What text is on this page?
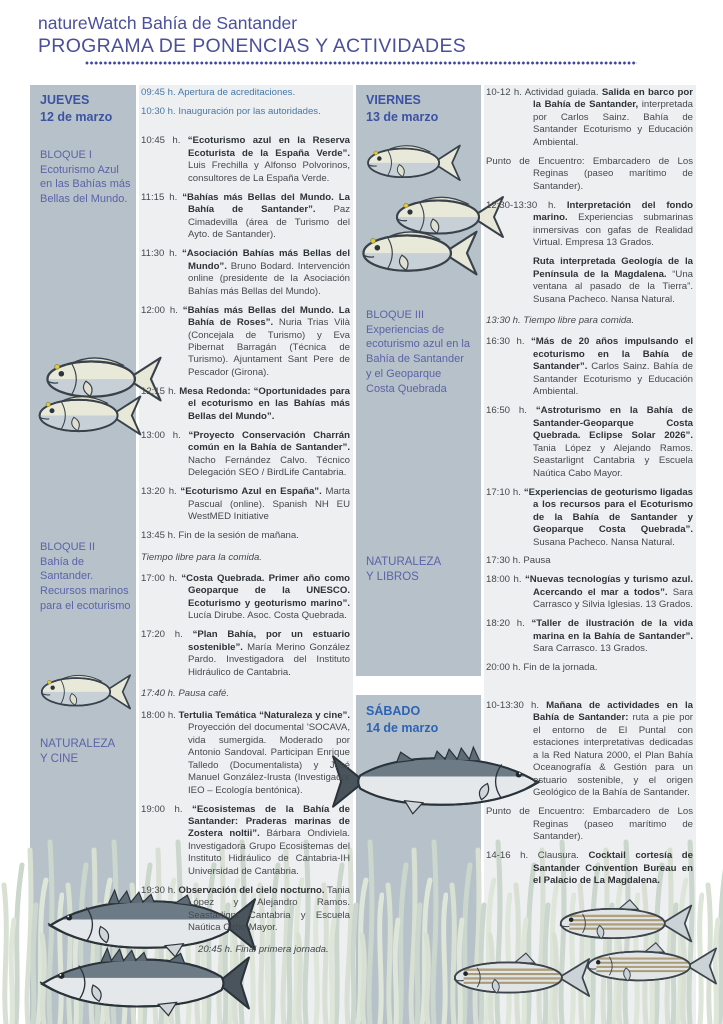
natureWatch Bahía de Santander
PROGRAMA DE PONENCIAS Y ACTIVIDADES
JUEVES
12 de marzo
BLOQUE I
Ecoturismo Azul en las Bahías más Bellas del Mundo.
BLOQUE II
Bahía de Santander. Recursos marinos para el ecoturismo
NATURALEZA Y CINE
VIERNES
13 de marzo
BLOQUE III
Experiencias de ecoturismo azul en la Bahía de Santander y el Geoparque Costa Quebrada
NATURALEZA Y LIBROS
SÁBADO
14 de marzo

09:45 h. Apertura de acreditaciones.

10:30 h. Inauguración por las autoridades.

10:45 h. “Ecoturismo azul en la Reserva Ecoturista de la España Verde”. Luis Frechilla y Alfonso Polvorinos, consultores de La España Verde.

11:15 h. “Bahías más Bellas del Mundo. La Bahía de Santander”. Paz Cimadevilla (área de Turismo del Ayto. de Santander).

11:30 h. “Asociación Bahías más Bellas del Mundo”. Bruno Bodard. Intervención online (presidente de la Asociación Bahías más Bellas del Mundo).

12:00 h. “Bahías más Bellas del Mundo. La Bahía de Roses”. Nuria Trias Vilà (Concejala de Turismo) y Eva Pibernat Barragán (Técnica de Turismo). Ajuntament Sant Pere de Pescador (Girona).

12:15 h. Mesa Redonda: “Oportunidades para el ecoturismo en las Bahías más Bellas del Mundo”.

13:00 h. “Proyecto Conservación Charrán común en la Bahía de Santander”. Nacho Fernández Calvo. Técnico Delegación SEO / BirdLife Cantabria.

13:20 h. “Ecoturismo Azul en España”. Marta Pascual (online). Spanish NH EU WestMED Initiative

13:45 h. Fin de la sesión de mañana.

Tiempo libre para la comida.

17:00 h. “Costa Quebrada. Primer año como Geoparque de la UNESCO. Ecoturismo y geoturismo marino”. Lucía Dirube. Asoc. Costa Quebrada.

17:20 h. “Plan Bahía, por un estuario sostenible”. María Merino González Pardo. Investigadora del Instituto Hidráulico de Cantabria.

17:40 h. Pausa café.

18:00 h. Tertulia Temática “Naturaleza y cine”. Proyección del documental 'SOCAVA, vida sumergida. Moderado por Antonio Sandoval. Participan Enrique Talledo (Documentalista) y José Manuel González-Irusta (Investigador IEO – Ecología bentónica).

19:00 h. “Ecosistemas de la Bahía de Santander: Praderas marinas de Zostera noltii”. Bárbara Ondiviela. Investigadora Grupo Ecosistemas del Instituto Hidráulico de Cantabria-IH Universidad de Cantabria.

19:30 h. Observación del cielo nocturno. Tania López y Alejandro Ramos. Seastarlignt Cantabria y Escuela Naútica Cabo Mayor.

20:45 h. Final primera jornada.

10-12 h. Actividad guiada. Salida en barco por la Bahía de Santander, interpretada por Carlos Sainz. Bahía de Santander Ecoturismo y Educación Ambiental.

Punto de Encuentro: Embarcadero de Los Reginas (paseo marítimo de Santander).

12:30-13:30 h. Interpretación del fondo marino. Experiencias submarinas inmersivas con gafas de Realidad Virtual. Empresa 13 Grados.

Ruta interpretada Geología de la Península de la Magdalena. “Una ventana al pasado de la Tierra”. Susana Pacheco. Nansa Natural.

13:30 h. Tiempo libre para comida.

16:30 h. “Más de 20 años impulsando el ecoturismo en la Bahía de Santander”. Carlos Sainz. Bahía de Santander Ecoturismo y Educación Ambiental.

16:50 h. “Astroturismo en la Bahía de Santander-Geoparque Costa Quebrada. Eclipse Solar 2026”. Tania López y Alejando Ramos. Seastarlignt Cantabria y Escuela Naútica Cabo Mayor.

17:10 h. “Experiencias de geoturismo ligadas a los recursos para el Ecoturismo de la Bahía de Santander y Geoparque Costa Quebrada”. Susana Pacheco. Nansa Natural.

17:30 h. Pausa

18:00 h. “Nuevas tecnologías y turismo azul. Acercando el mar a todos”. Sara Carrasco y Silvia Iglesias. 13 Grados.

18:20 h. “Taller de ilustración de la vida marina en la Bahía de Santander”. Sara Carrasco. 13 Grados.

20:00 h. Fin de la jornada.

10-13:30 h. Mañana de actividades en la Bahía de Santander: ruta a pie por el entorno de El Puntal con estaciones interpretativas dedicadas a la Red Natura 2000, el Plan Bahía Oceanografía & Gestión para un estuario sostenible, y el origen Geológico de la Bahía de Santander.

Punto de Encuentro: Embarcadero de Los Reginas (paseo marítimo de Santander).

14-16 h. Clausura. Cocktail cortesía de Santander Convention Bureau en el Palacio de La Magdalena.
